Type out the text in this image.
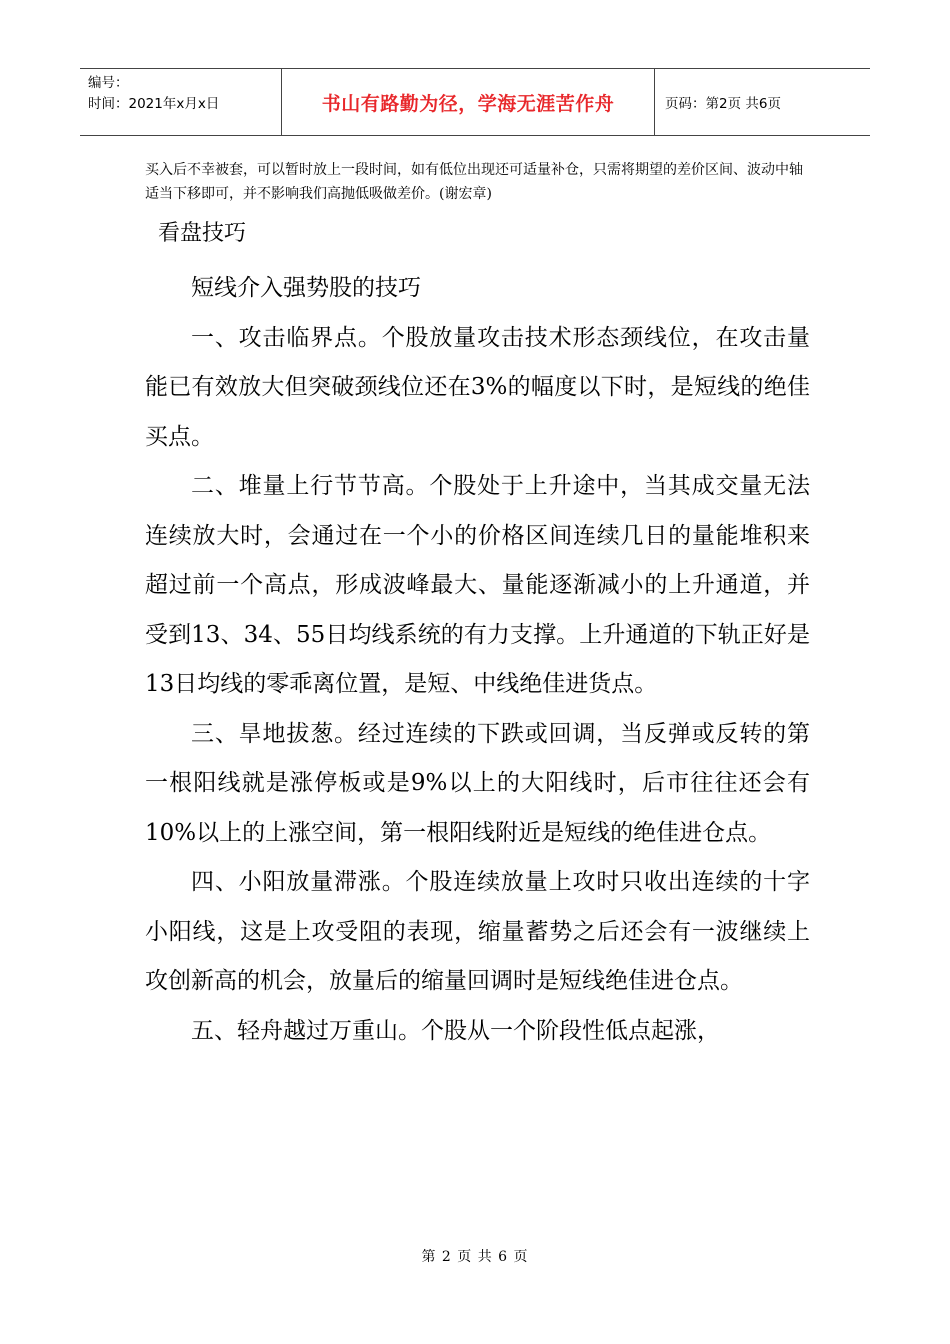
编号：
时间：2021年x月x日	书山有路勤为径，学海无涯苦作舟	页码：第2页 共6页

买入后不幸被套，可以暂时放上一段时间，如有低位出现还可适量补仓，只需将期望的差价区间、波动中轴适当下移即可，并不影响我们高抛低吸做差价。(谢宏章)

看盘技巧

短线介入强势股的技巧

一、攻击临界点。个股放量攻击技术形态颈线位，在攻击量能已有效放大但突破颈线位还在3%的幅度以下时，是短线的绝佳买点。

二、堆量上行节节高。个股处于上升途中，当其成交量无法连续放大时，会通过在一个小的价格区间连续几日的量能堆积来超过前一个高点，形成波峰最大、量能逐渐减小的上升通道，并受到13、34、55日均线系统的有力支撑。上升通道的下轨正好是13日均线的零乖离位置，是短、中线绝佳进货点。

三、旱地拔葱。经过连续的下跌或回调，当反弹或反转的第一根阳线就是涨停板或是9%以上的大阳线时，后市往往还会有10%以上的上涨空间，第一根阳线附近是短线的绝佳进仓点。

四、小阳放量滞涨。个股连续放量上攻时只收出连续的十字小阳线，这是上攻受阻的表现，缩量蓄势之后还会有一波继续上攻创新高的机会，放量后的缩量回调时是短线绝佳进仓点。

五、轻舟越过万重山。个股从一个阶段性低点起涨，

第 2 页 共 6 页
